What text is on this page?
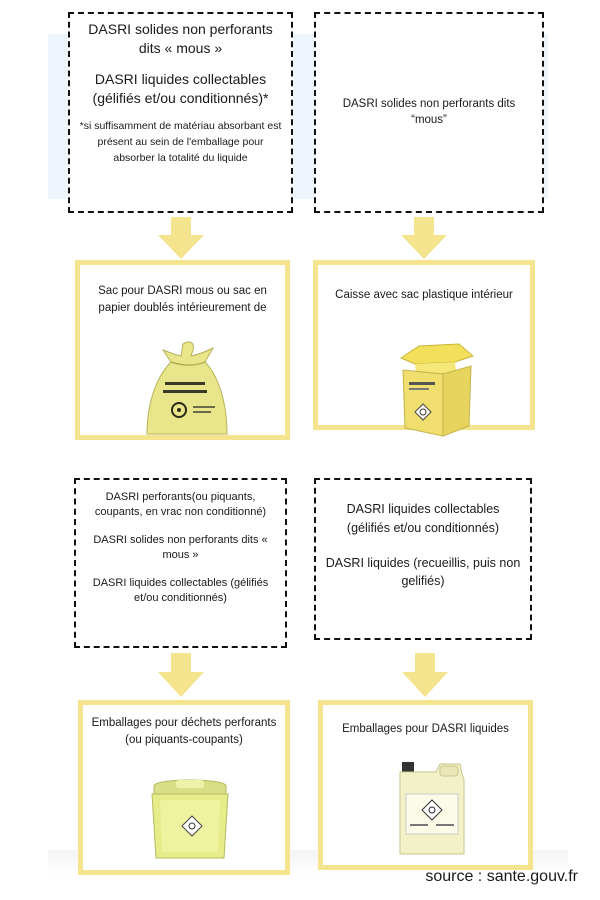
DASRI solides non perforants dits « mous »

DASRI liquides collectables (gélifiés et/ou conditionnés)*

*si suffisamment de matériau absorbant est présent au sein de l'emballage pour absorber la totalité du liquide

DASRI solides non perforants dits “mous”

Sac pour DASRI mous ou sac en papier doublés intérieurement de

Caisse avec sac plastique intérieur

DASRI perforants(ou piquants, coupants, en vrac non conditionné)

DASRI solides non perforants dits « mous »

DASRI liquides collectables (gélifiés et/ou conditionnés)

DASRI liquides collectables (gélifiés et/ou conditionnés)

DASRI liquides (recueillis, puis non gelifiés)

Emballages pour déchets perforants (ou piquants-coupants)

Emballages pour DASRI liquides

source : sante.gouv.fr
